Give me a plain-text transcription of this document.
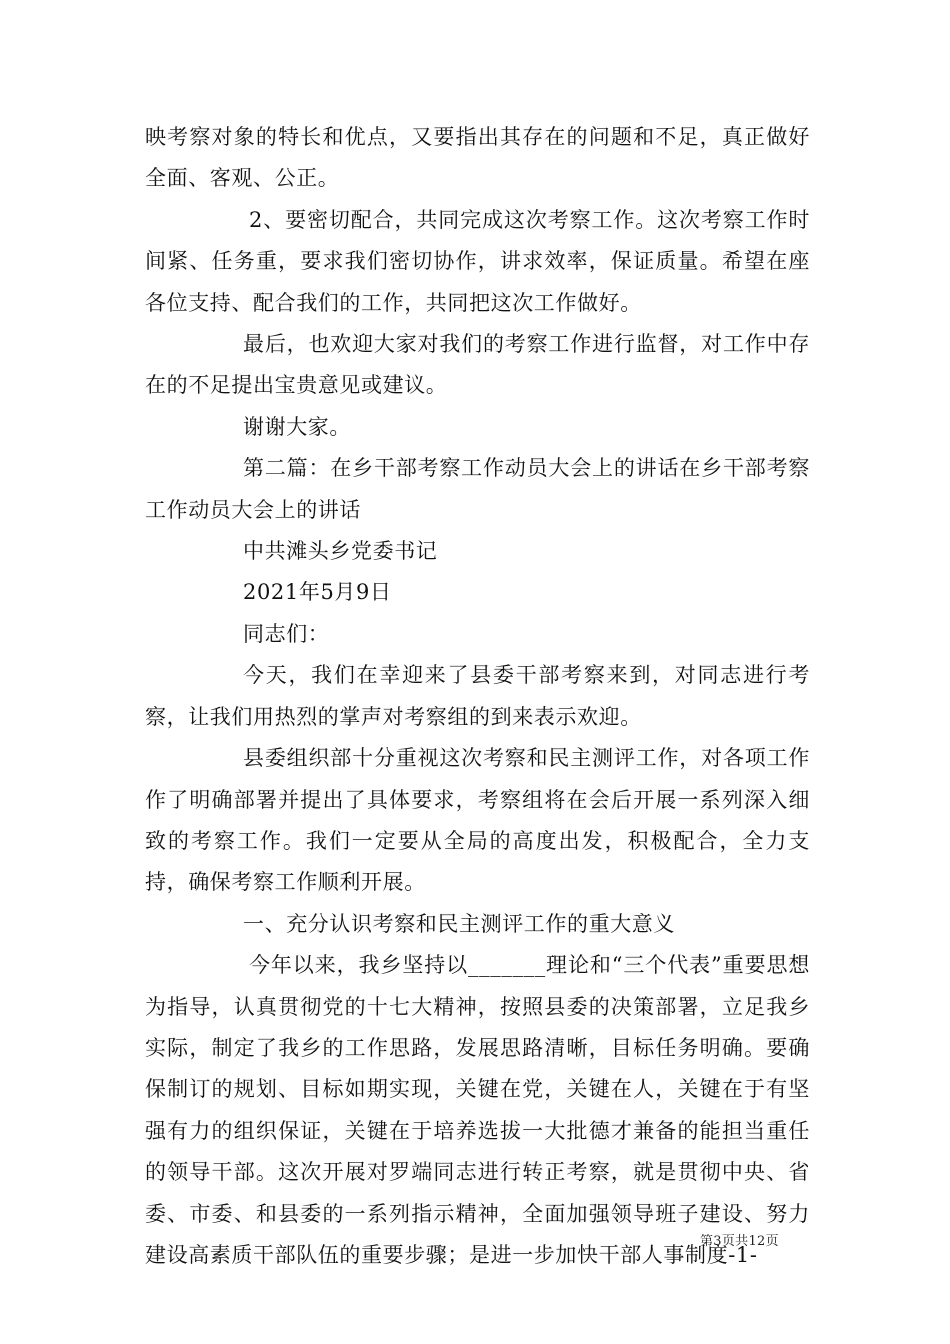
映考察对象的特长和优点，又要指出其存在的问题和不足，真正做好全面、客观、公正。

2、要密切配合，共同完成这次考察工作。这次考察工作时间紧、任务重，要求我们密切协作，讲求效率，保证质量。希望在座各位支持、配合我们的工作，共同把这次工作做好。

最后，也欢迎大家对我们的考察工作进行监督，对工作中存在的不足提出宝贵意见或建议。

谢谢大家。

第二篇：在乡干部考察工作动员大会上的讲话在乡干部考察工作动员大会上的讲话

中共滩头乡党委书记

2021年5月9日

同志们：

今天，我们在幸迎来了县委干部考察来到，对同志进行考察，让我们用热烈的掌声对考察组的到来表示欢迎。

县委组织部十分重视这次考察和民主测评工作，对各项工作作了明确部署并提出了具体要求，考察组将在会后开展一系列深入细致的考察工作。我们一定要从全局的高度出发，积极配合，全力支持，确保考察工作顺利开展。

一、充分认识考察和民主测评工作的重大意义

今年以来，我乡坚持以_______理论和“三个代表”重要思想为指导，认真贯彻党的十七大精神，按照县委的决策部署，立足我乡实际，制定了我乡的工作思路，发展思路清晰，目标任务明确。要确保制订的规划、目标如期实现，关键在党，关键在人，关键在于有坚强有力的组织保证，关键在于培养选拔一大批德才兼备的能担当重任的领导干部。这次开展对罗端同志进行转正考察，就是贯彻中央、省委、市委、和县委的一系列指示精神，全面加强领导班子建设、努力建设高素质干部队伍的重要步骤；是进一步加快干部人事制度-1-

第3页共12页
